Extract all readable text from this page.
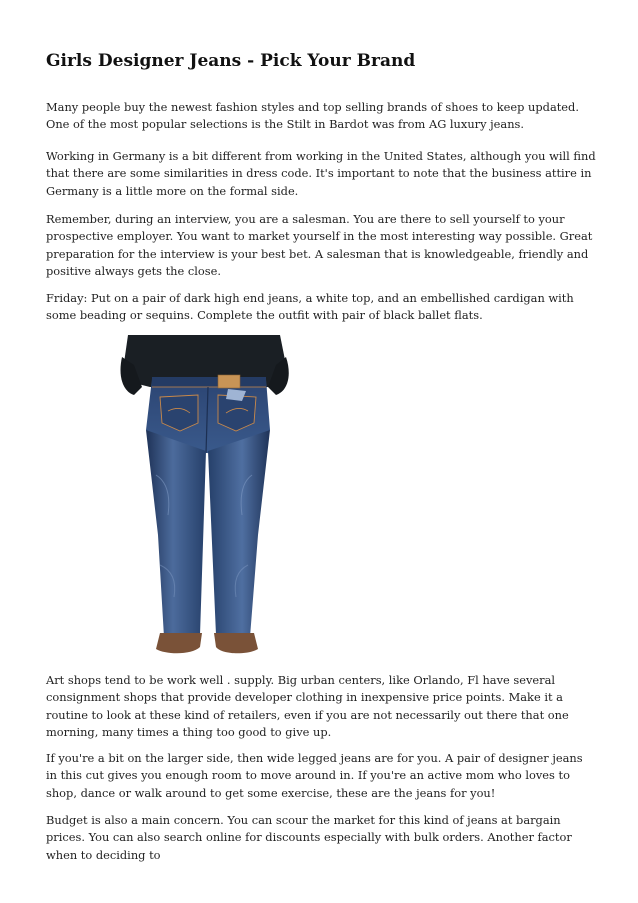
Girls Designer Jeans - Pick Your Brand

Many people buy the newest fashion styles and top selling brands of shoes to keep updated. One of the most popular selections is the Stilt in Bardot was from AG luxury jeans.

Working in Germany is a bit different from working in the United States, although you will find that there are some similarities in dress code. It's important to note that the business attire in Germany is a little more on the formal side.

Remember, during an interview, you are a salesman. You are there to sell yourself to your prospective employer. You want to market yourself in the most interesting way possible. Great preparation for the interview is your best bet. A salesman that is knowledgeable, friendly and positive always gets the close.

Friday: Put on a pair of dark high end jeans, a white top, and an embellished cardigan with some beading or sequins. Complete the outfit with pair of black ballet flats.

Art shops tend to be work well . supply. Big urban centers, like Orlando, Fl have several consignment shops that provide developer clothing in inexpensive price points. Make it a routine to look at these kind of retailers, even if you are not necessarily out there that one morning, many times a thing too good to give up.

If you're a bit on the larger side, then wide legged jeans are for you. A pair of designer jeans in this cut gives you enough room to move around in. If you're an active mom who loves to shop, dance or walk around to get some exercise, these are the jeans for you!

Budget is also a main concern. You can scour the market for this kind of jeans at bargain prices. You can also search online for discounts especially with bulk orders. Another factor when to deciding to
